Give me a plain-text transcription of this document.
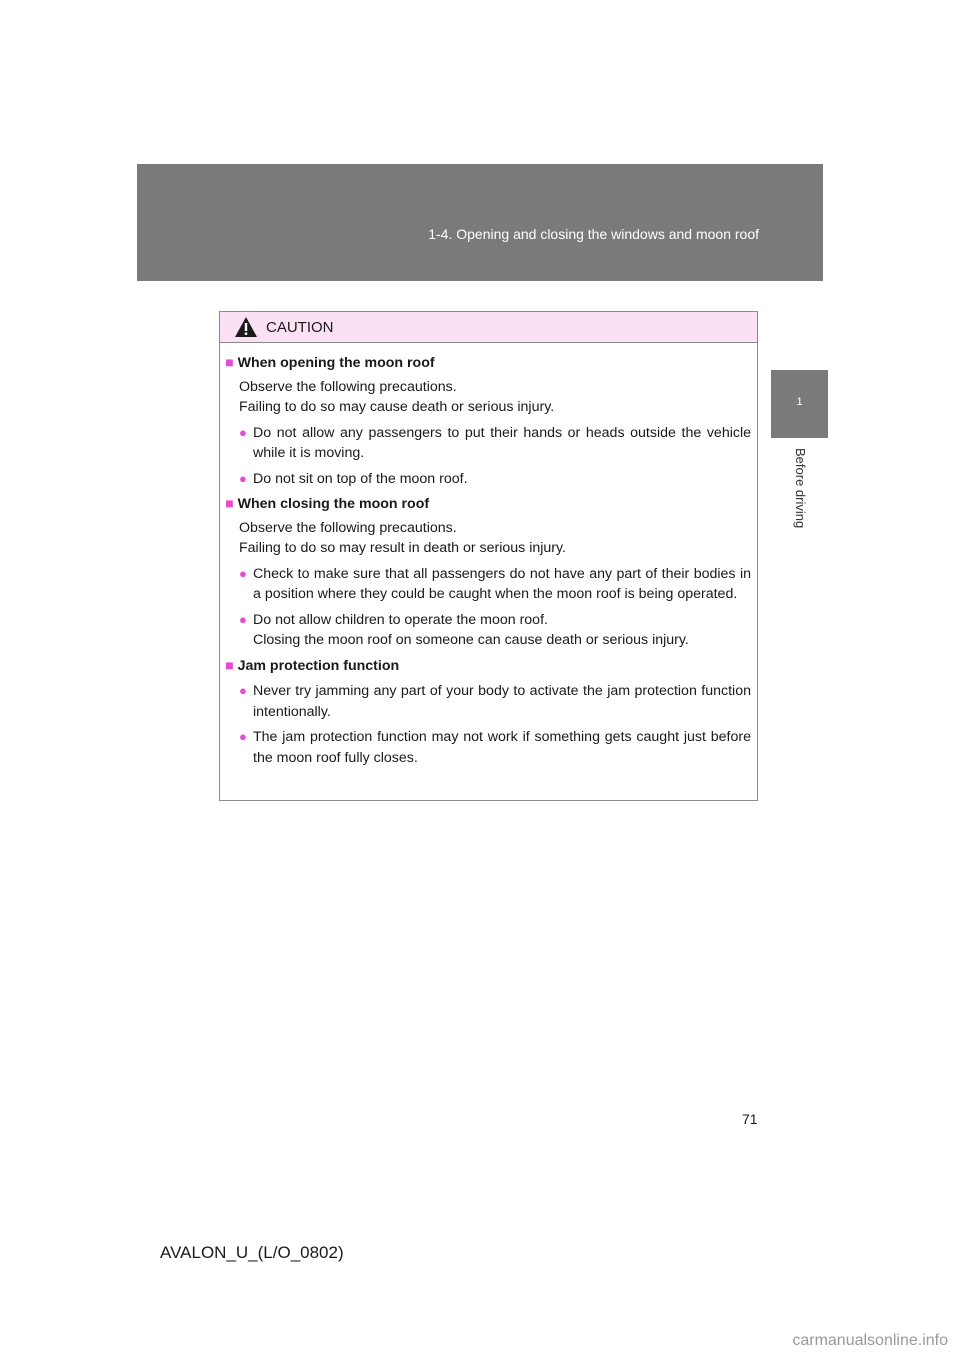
1-4. Opening and closing the windows and moon roof
1
Before driving
CAUTION
■ When opening the moon roof
Observe the following precautions.
Failing to do so may cause death or serious injury.
● Do not allow any passengers to put their hands or heads outside the vehicle while it is moving.
● Do not sit on top of the moon roof.
■ When closing the moon roof
Observe the following precautions.
Failing to do so may result in death or serious injury.
● Check to make sure that all passengers do not have any part of their bodies in a position where they could be caught when the moon roof is being operated.
● Do not allow children to operate the moon roof.
Closing the moon roof on someone can cause death or serious injury.
■ Jam protection function
● Never try jamming any part of your body to activate the jam protection function intentionally.
● The jam protection function may not work if something gets caught just before the moon roof fully closes.
71
AVALON_U_(L/O_0802)
carmanualsonline.info
